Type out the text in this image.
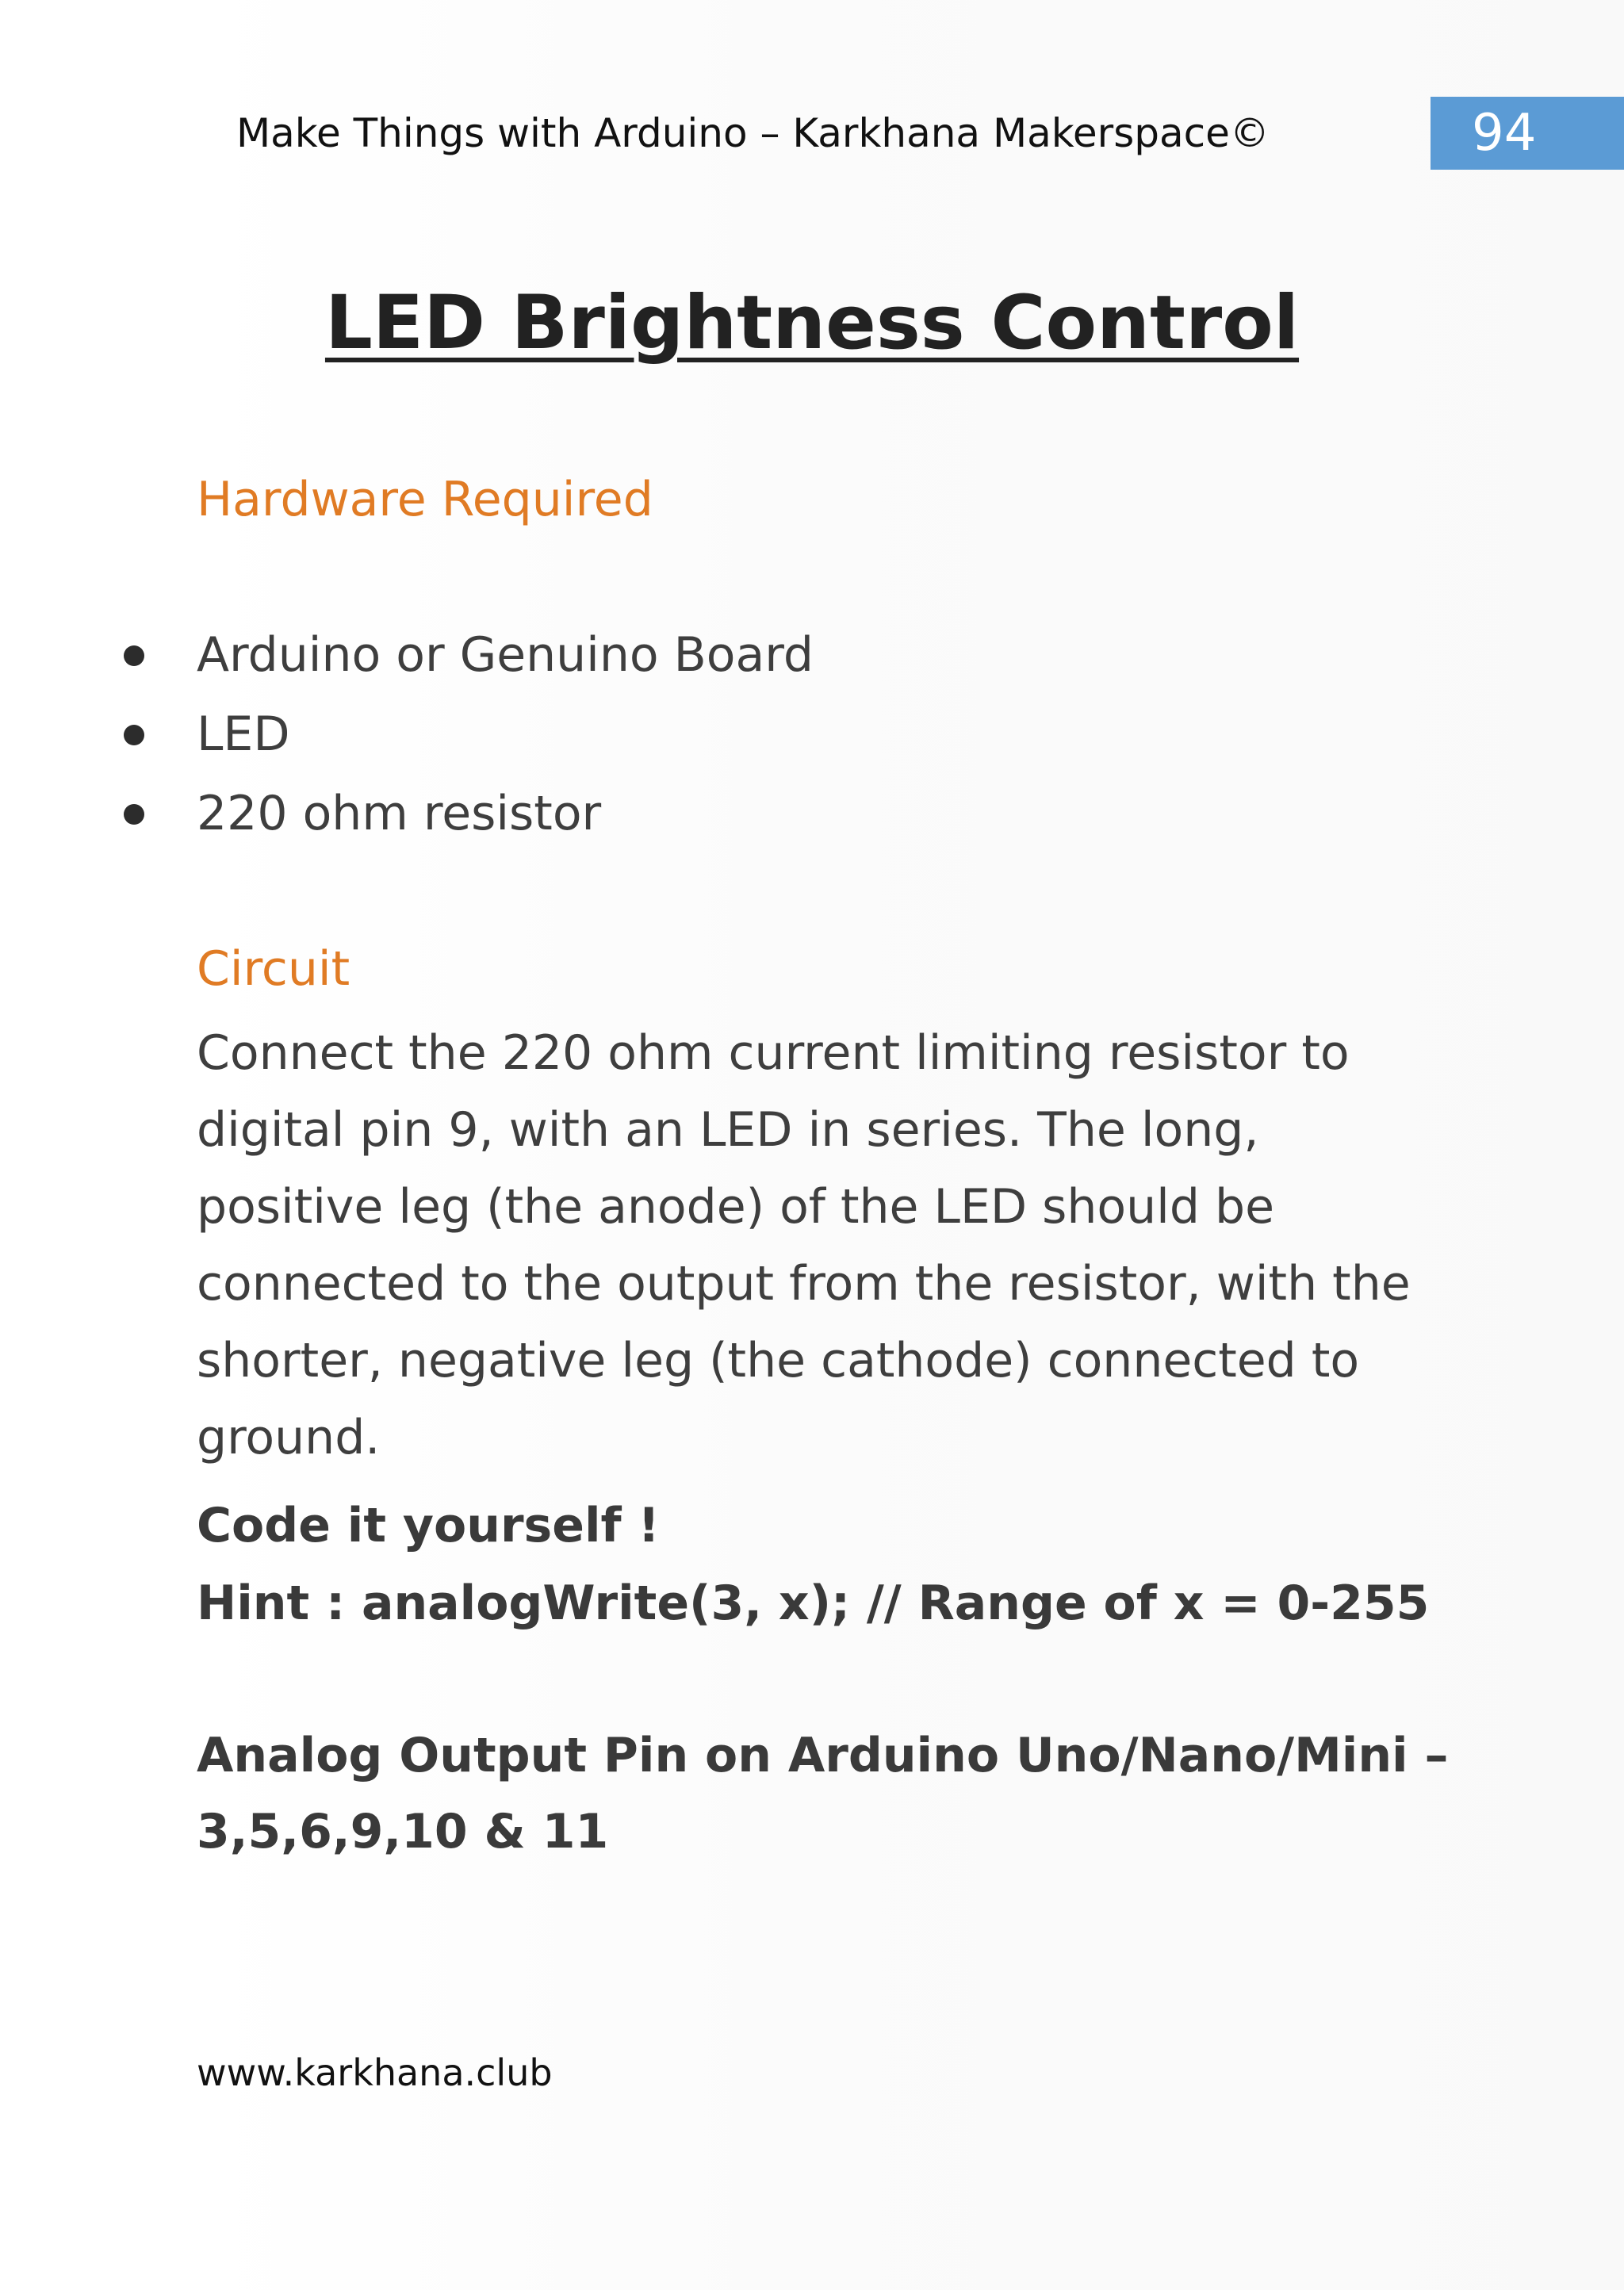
Make Things with Arduino – Karkhana Makerspace©	94
LED Brightness Control
Hardware Required
Arduino or Genuino Board
LED
220 ohm resistor
Circuit

Connect the 220 ohm current limiting resistor to digital pin 9, with an LED in series. The long, positive leg (the anode) of the LED should be connected to the output from the resistor, with the shorter, negative leg (the cathode) connected to ground.

Code it yourself !
Hint : analogWrite(3, x); // Range of x = 0-255
Analog Output Pin on Arduino Uno/Nano/Mini –
3,5,6,9,10 & 11
www.karkhana.club
